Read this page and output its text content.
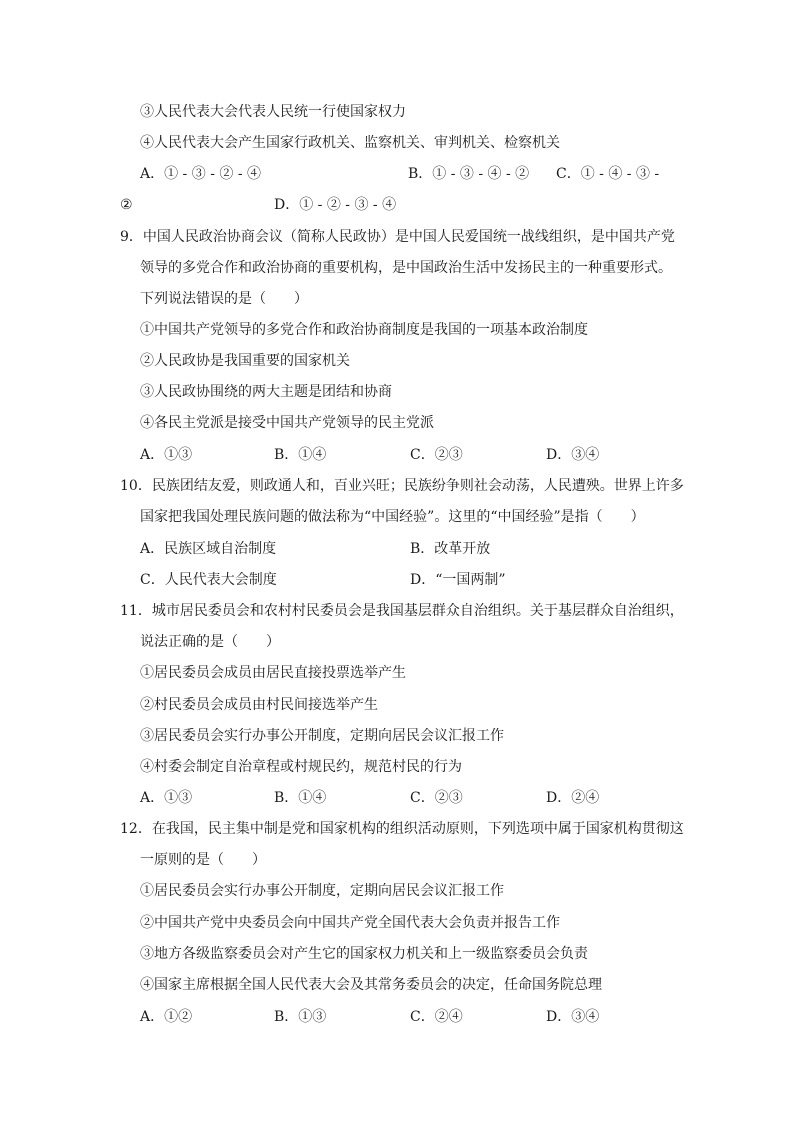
③人民代表大会代表人民统一行使国家权力
④人民代表大会产生国家行政机关、监察机关、审判机关、检察机关
A．① - ③ - ② - ④	B．① - ③ - ④ - ② C．① - ④ - ③ -
②	D．① - ② - ③ - ④
9．中国人民政治协商会议（简称人民政协）是中国人民爱国统一战线组织，是中国共产党
领导的多党合作和政治协商的重要机构，是中国政治生活中发扬民主的一种重要形式。
下列说法错误的是（　　）
①中国共产党领导的多党合作和政治协商制度是我国的一项基本政治制度
②人民政协是我国重要的国家机关
③人民政协围绕的两大主题是团结和协商
④各民主党派是接受中国共产党领导的民主党派
A．①③	B．①④	C．②③	D．③④
10．民族团结友爱，则政通人和，百业兴旺；民族纷争则社会动荡，人民遭殃。世界上许多
国家把我国处理民族问题的做法称为“中国经验”。这里的“中国经验”是指（　　）
A．民族区域自治制度	B．改革开放
C．人民代表大会制度	D．“一国两制”
11．城市居民委员会和农村村民委员会是我国基层群众自治组织。关于基层群众自治组织，
说法正确的是（　　）
①居民委员会成员由居民直接投票选举产生
②村民委员会成员由村民间接选举产生
③居民委员会实行办事公开制度，定期向居民会议汇报工作
④村委会制定自治章程或村规民约，规范村民的行为
A．①③	B．①④	C．②③	D．②④
12．在我国，民主集中制是党和国家机构的组织活动原则，下列选项中属于国家机构贯彻这
一原则的是（　　）
①居民委员会实行办事公开制度，定期向居民会议汇报工作
②中国共产党中央委员会向中国共产党全国代表大会负责并报告工作
③地方各级监察委员会对产生它的国家权力机关和上一级监察委员会负责
④国家主席根据全国人民代表大会及其常务委员会的决定，任命国务院总理
A．①②	B．①③	C．②④	D．③④
